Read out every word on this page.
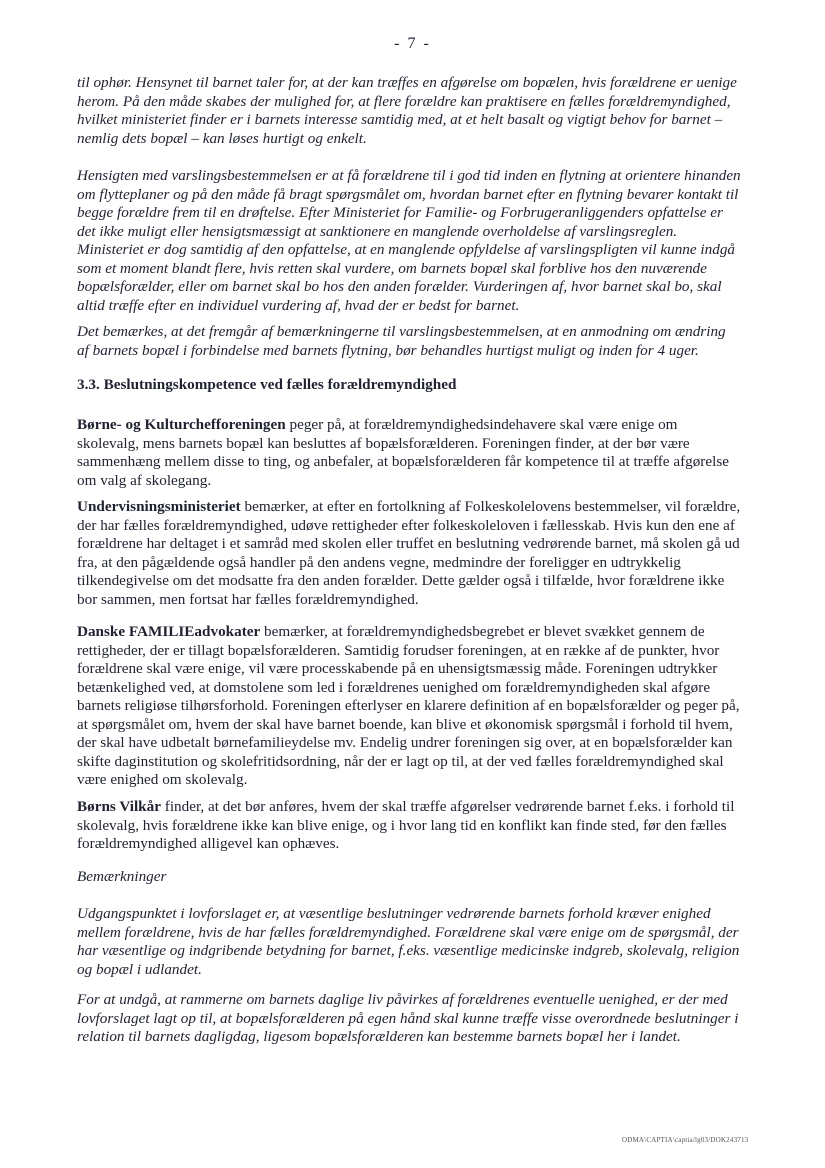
- 7 -

til ophør. Hensynet til barnet taler for, at der kan træffes en afgørelse om bopælen, hvis forældrene er uenige herom. På den måde skabes der mulighed for, at flere forældre kan praktisere en fælles forældremyndighed, hvilket ministeriet finder er i barnets interesse samtidig med, at et helt basalt og vigtigt behov for barnet – nemlig dets bopæl – kan løses hurtigt og enkelt.

Hensigten med varslingsbestemmelsen er at få forældrene til i god tid inden en flytning at orientere hinanden om flytteplaner og på den måde få bragt spørgsmålet om, hvordan barnet efter en flytning bevarer kontakt til begge forældre frem til en drøftelse. Efter Ministeriet for Familie- og Forbrugeranliggenders opfattelse er det ikke muligt eller hensigtsmæssigt at sanktionere en manglende overholdelse af varslingsreglen. Ministeriet er dog samtidig af den opfattelse, at en manglende opfyldelse af varslingspligten vil kunne indgå som et moment blandt flere, hvis retten skal vurdere, om barnets bopæl skal forblive hos den nuværende bopælsforælder, eller om barnet skal bo hos den anden forælder. Vurderingen af, hvor barnet skal bo, skal altid træffe efter en individuel vurdering af, hvad der er bedst for barnet.

Det bemærkes, at det fremgår af bemærkningerne til varslingsbestemmelsen, at en anmodning om ændring af barnets bopæl i forbindelse med barnets flytning, bør behandles hurtigst muligt og inden for 4 uger.

3.3. Beslutningskompetence ved fælles forældremyndighed

Børne- og Kulturchefforeningen peger på, at forældremyndighedsindehavere skal være enige om skolevalg, mens barnets bopæl kan besluttes af bopælsforælderen. Foreningen finder, at der bør være sammenhæng mellem disse to ting, og anbefaler, at bopælsforælderen får kompetence til at træffe afgørelse om valg af skolegang.

Undervisningsministeriet bemærker, at efter en fortolkning af Folkeskolelovens bestemmelser, vil forældre, der har fælles forældremyndighed, udøve rettigheder efter folkeskoleloven i fællesskab. Hvis kun den ene af forældrene har deltaget i et samråd med skolen eller truffet en beslutning vedrørende barnet, må skolen gå ud fra, at den pågældende også handler på den andens vegne, medmindre der foreligger en udtrykkelig tilkendegivelse om det modsatte fra den anden forælder. Dette gælder også i tilfælde, hvor forældrene ikke bor sammen, men fortsat har fælles forældremyndighed.

Danske FAMILIEadvokater bemærker, at forældremyndighedsbegrebet er blevet svækket gennem de rettigheder, der er tillagt bopælsforælderen. Samtidig forudser foreningen, at en række af de punkter, hvor forældrene skal være enige, vil være processkabende på en uhensigtsmæssig måde. Foreningen udtrykker betænkelighed ved, at domstolene som led i forældrenes uenighed om forældremyndigheden skal afgøre barnets religiøse tilhørsforhold. Foreningen efterlyser en klarere definition af en bopælsforælder og peger på, at spørgsmålet om, hvem der skal have barnet boende, kan blive et økonomisk spørgsmål i forhold til hvem, der skal have udbetalt børnefamilieydelse mv. Endelig undrer foreningen sig over, at en bopælsforælder kan skifte daginstitution og skolefritidsordning, når der er lagt op til, at der ved fælles forældremyndighed skal være enighed om skolevalg.

Børns Vilkår finder, at det bør anføres, hvem der skal træffe afgørelser vedrørende barnet f.eks. i forhold til skolevalg, hvis forældrene ikke kan blive enige, og i hvor lang tid en konflikt kan finde sted, før den fælles forældremyndighed alligevel kan ophæves.

Bemærkninger

Udgangspunktet i lovforslaget er, at væsentlige beslutninger vedrørende barnets forhold kræver enighed mellem forældrene, hvis de har fælles forældremyndighed. Forældrene skal være enige om de spørgsmål, der har væsentlige og indgribende betydning for barnet, f.eks. væsentlige medicinske indgreb, skolevalg, religion og bopæl i udlandet.

For at undgå, at rammerne om barnets daglige liv påvirkes af forældrenes eventuelle uenighed, er der med lovforslaget lagt op til, at bopælsforælderen på egen hånd skal kunne træffe visse overordnede beslutninger i relation til barnets dagligdag, ligesom bopælsforælderen kan bestemme barnets bopæl her i landet.

ODMA\CAPTIA\captia/lg03/DOK243713
